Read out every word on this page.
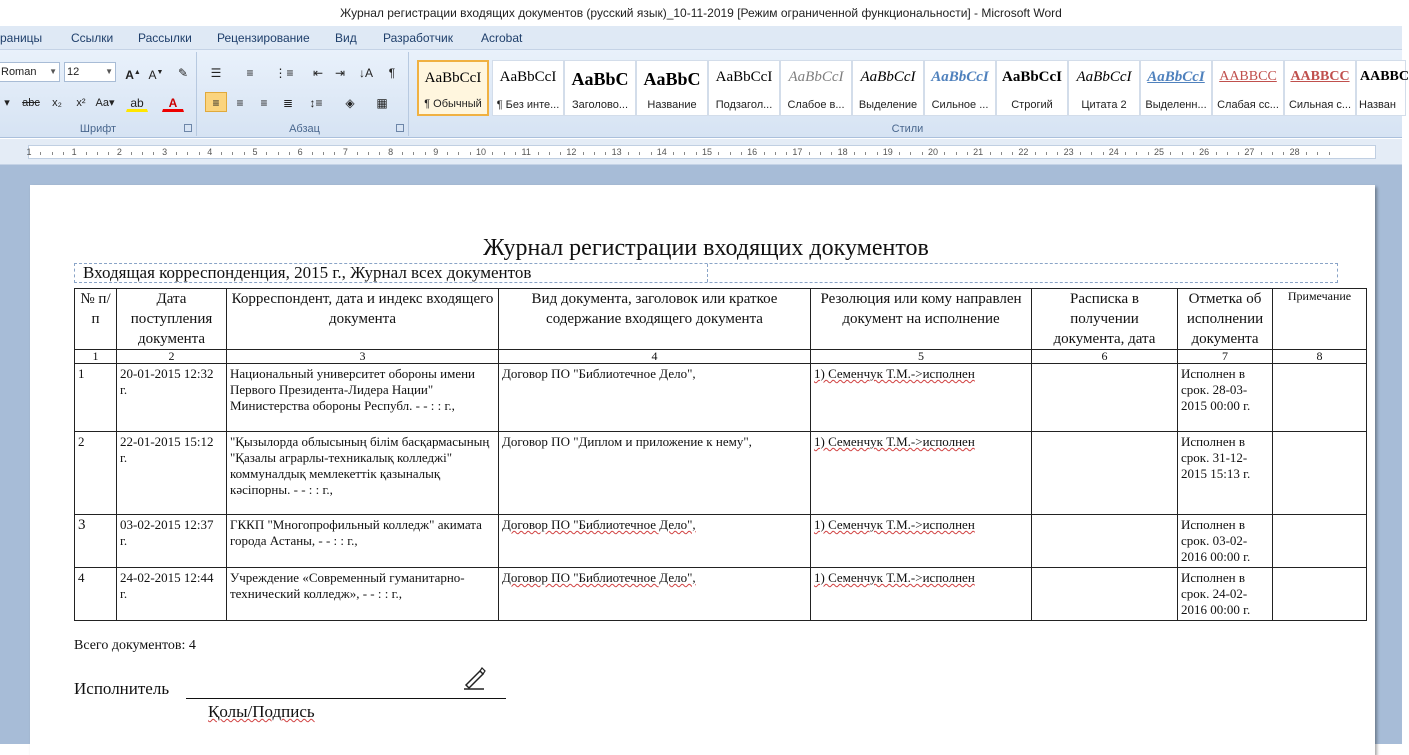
Журнал регистрации входящих документов (русский язык)_10-11-2019 [Режим ограниченной функциональности] - Microsoft Word
раницы Ссылки Рассылки Рецензирование Вид Разработчик Acrobat
Roman ▼ 12	▼ A▲ A▼	✎
▾	abc	x₂	x² Aa▾	ab	A
Шрифт
☰	≡	⋮≡	⇤ ⇥	↓A	¶
≡	≡	≡	≣	↕≡	◈	▦
Абзац
AaBbCcI
¶ Обычный
AaBbCcI
¶ Без инте...
AaBbC
Заголово...
AaBbC
Название
AaBbCcI
Подзагол...
AaBbCcI
Слабое в...
AaBbCcI
Выделение
AaBbCcI
Сильное ...
AaBbCcI
Строгий
AaBbCcI
Цитата 2
AaBbCcI
Выделенн...
AABBCC
Слабая сс...
AABBCC
Сильная с...
AABBC
Назван
Стили
1	1	2	3	4	5	6	7	8	9	10	11	12	13	14	15	16	17	18	19	20	21	22	23	24	25	26	27	28
Журнал регистрации входящих документов
Входящая корреспонденция, 2015 г., Журнал всех документов
№ п/п	Дата поступления документа	Корреспондент, дата и индекс входящего документа	Вид документа, заголовок или краткое содержание входящего документа	Резолюция или кому направлен документ на исполнение	Расписка в получении документа, дата	Отметка об исполнении документа	Примечание
1	2	3	4	5	6	7	8
1	20-01-2015 12:32 г.	Национальный университет обороны имени Первого Президента-Лидера Нации" Министерства обороны Республ. - - : : г.,	Договор ПО "Библиотечное Дело",	1) Семенчук Т.М.->исполнен		Исполнен в срок. 28-03-2015 00:00 г.	
2	22-01-2015 15:12 г.	"Қызылорда облысының білім басқармасының "Қазалы аграрлы-техникалық колледжі" коммуналдық мемлекеттік қазыналық кәсіпорны. - - : : г.,	Договор ПО "Диплом и приложение к нему",	1) Семенчук Т.М.->исполнен		Исполнен в срок. 31-12-2015 15:13 г.	
3	03-02-2015 12:37 г.	ГККП "Многопрофильный колледж" акимата города Астаны, - - : : г.,	Договор ПО "Библиотечное Дело",	1) Семенчук Т.М.->исполнен		Исполнен в срок. 03-02-2016 00:00 г.	
4	24-02-2015 12:44 г.	Учреждение «Современный гуманитарно-технический колледж», - - : : г.,	Договор ПО "Библиотечное Дело",	1) Семенчук Т.М.->исполнен		Исполнен в срок. 24-02-2016 00:00 г.	
Всего документов: 4
Исполнитель
Қолы/Подпись
